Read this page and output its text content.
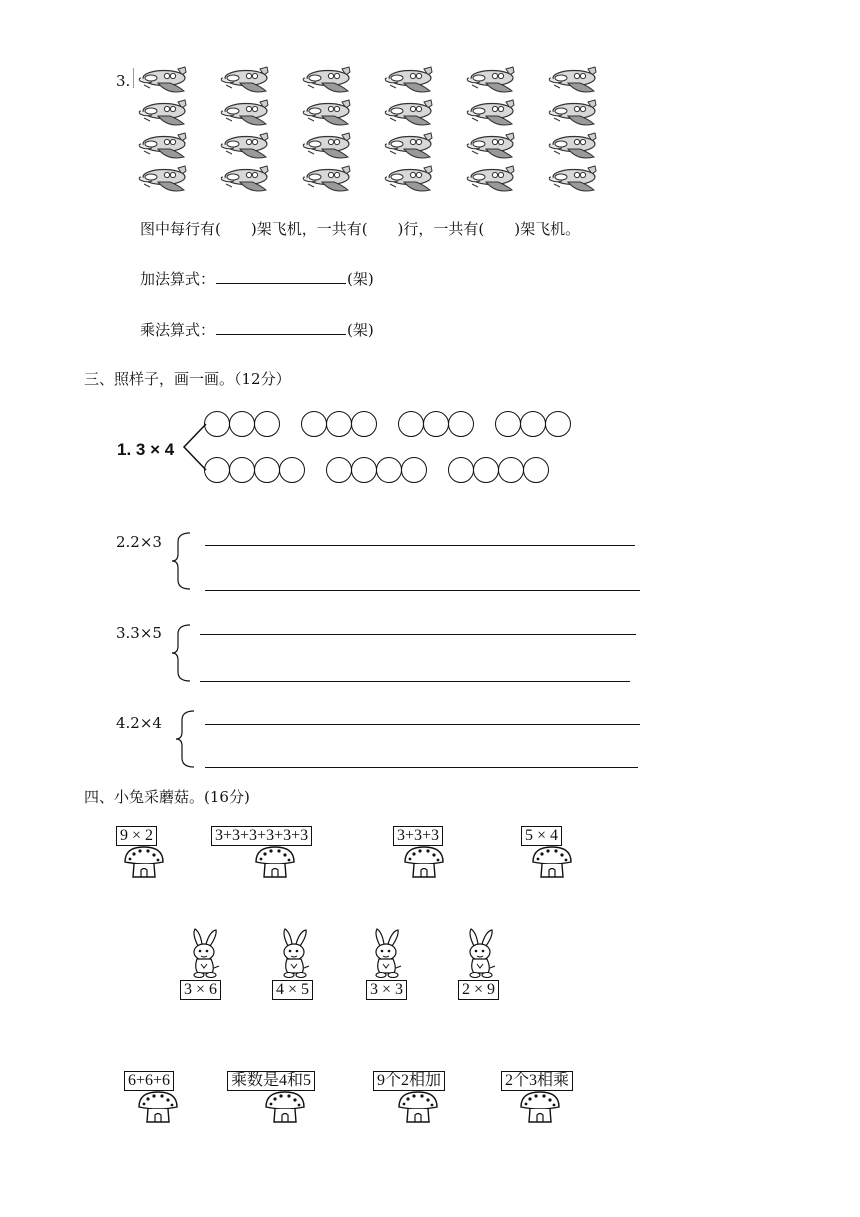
3.
图中每行有(　　)架飞机，一共有(　　)行，一共有(　　)架飞机。
加法算式：	(架)
乘法算式：	(架)
三、照样子，画一画。（12分）
1. 3 × 4
2.2×3
3.3×5
4.2×4
四、小兔采蘑菇。(16分)
9 × 2	3+3+3+3+3+3	3+3+3	5 × 4
3 × 6	4 × 5	3 × 3	2 × 9
6+6+6	乘数是4和5	9个2相加	2个3相乘
